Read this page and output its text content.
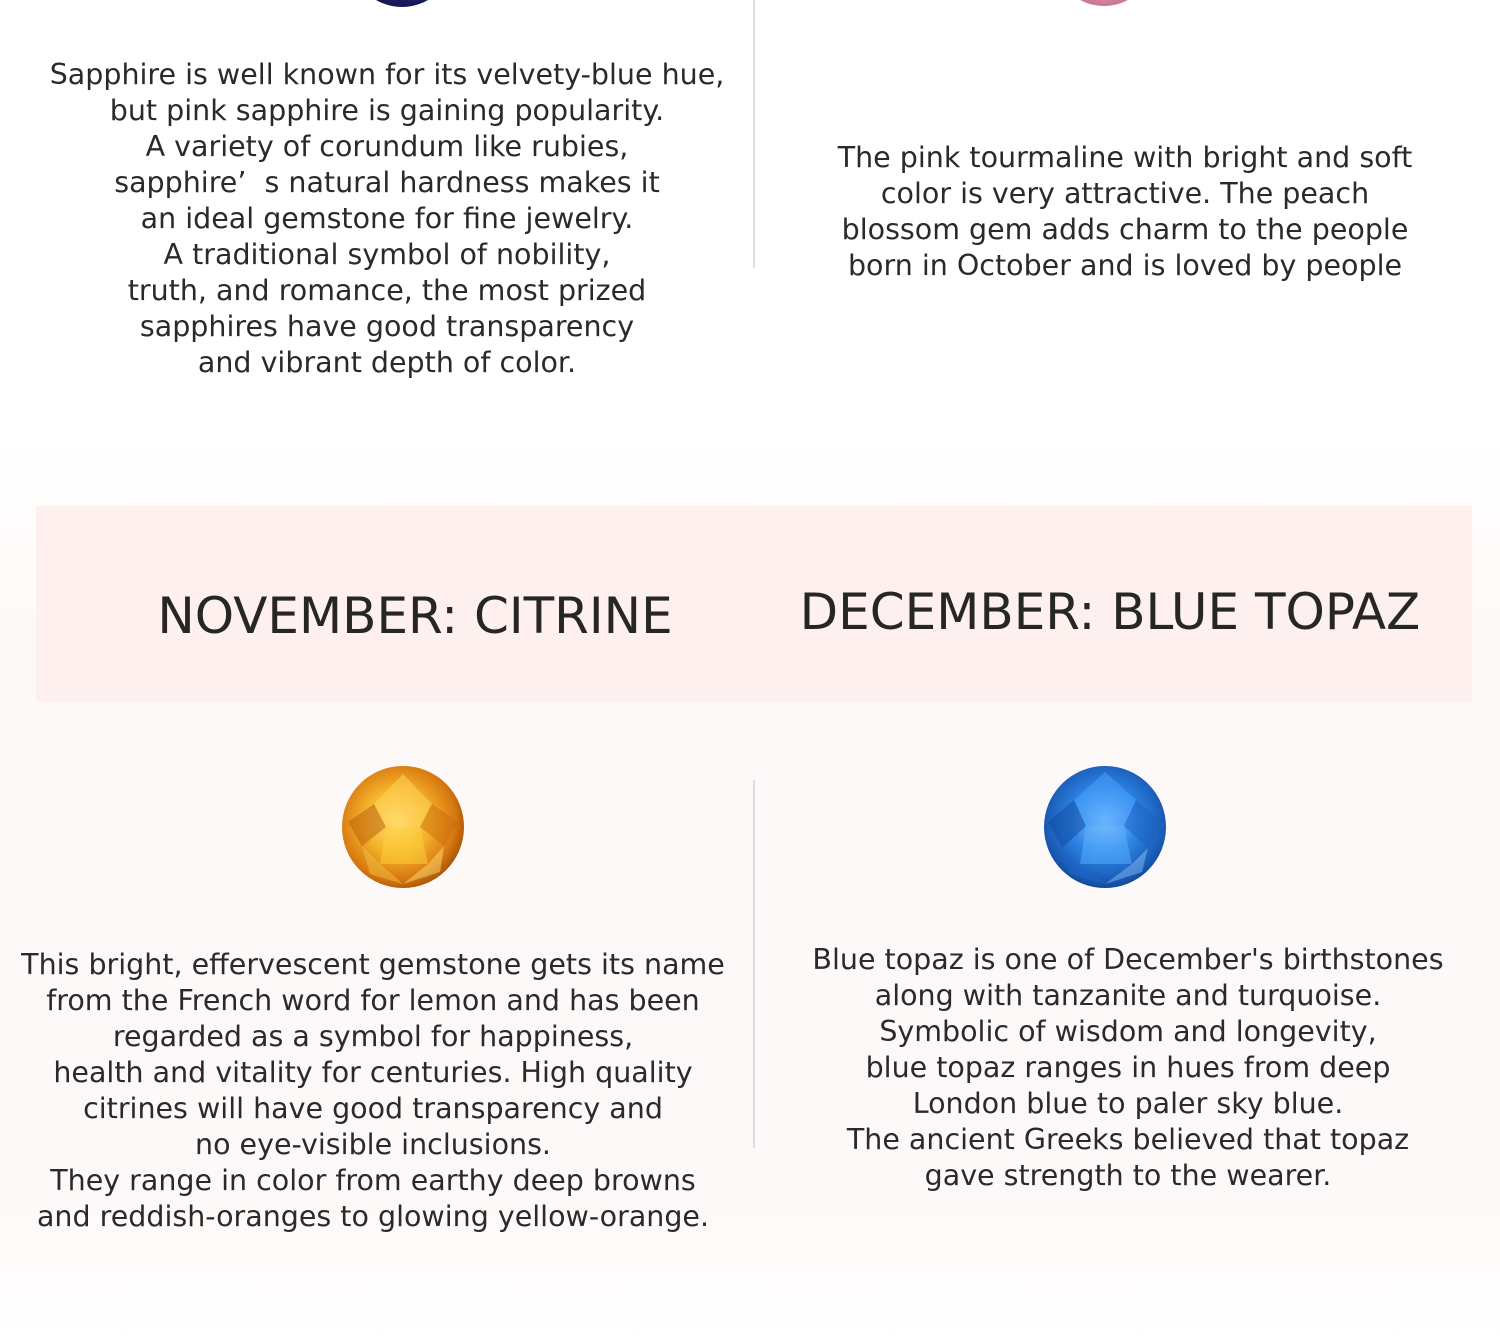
Sapphire is well known for its velvety-blue hue,
but pink sapphire is gaining popularity.
A variety of corundum like rubies,
sapphire’  s natural hardness makes it
an ideal gemstone for fine jewelry.
A traditional symbol of nobility,
truth, and romance, the most prized
sapphires have good transparency
and vibrant depth of color.
The pink tourmaline with bright and soft
color is very attractive. The peach
blossom gem adds charm to the people
born in October and is loved by people
NOVEMBER: CITRINE	DECEMBER: BLUE TOPAZ
This bright, effervescent gemstone gets its name
from the French word for lemon and has been
regarded as a symbol for happiness,
health and vitality for centuries. High quality
citrines will have good transparency and
no eye-visible inclusions.
They range in color from earthy deep browns
and reddish-oranges to glowing yellow-orange.
Blue topaz is one of December's birthstones
along with tanzanite and turquoise.
Symbolic of wisdom and longevity,
blue topaz ranges in hues from deep
London blue to paler sky blue.
The ancient Greeks believed that topaz
gave strength to the wearer.
